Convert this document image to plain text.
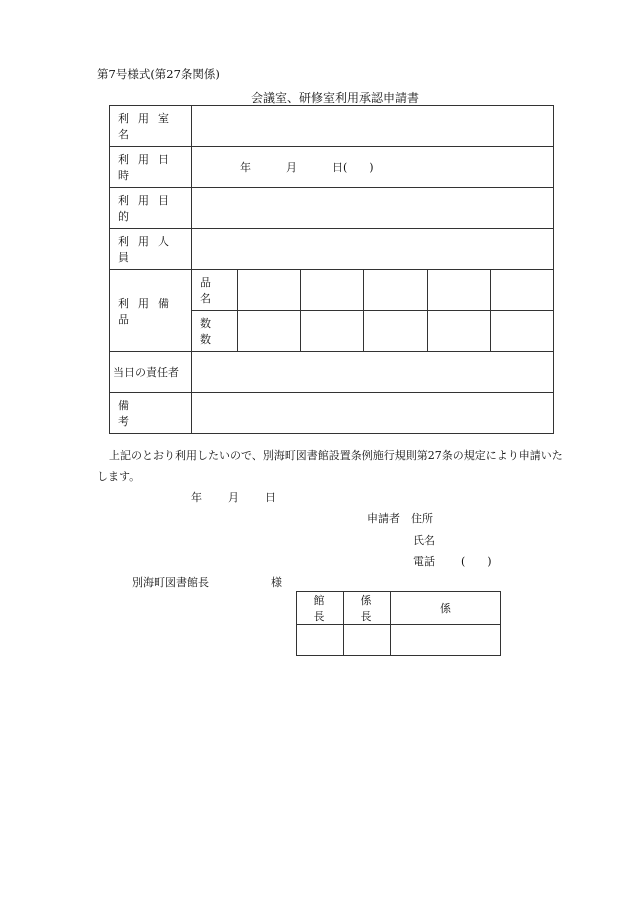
第7号様式(第27条関係)
会議室、研修室利用承認申請書
利用室名						
利用日時	年 月 日(　　)					
利用目的						
利用人員						
利用備品	品名					
	数数					
当日の責任者						
備考						
上記のとおり利用したいので、別海町図書館設置条例施行規則第27条の規定により申請いたします。
年 月 日
申請者　住所
氏名
電話 (　　)
別海町図書館長	様
館長	係長	係
